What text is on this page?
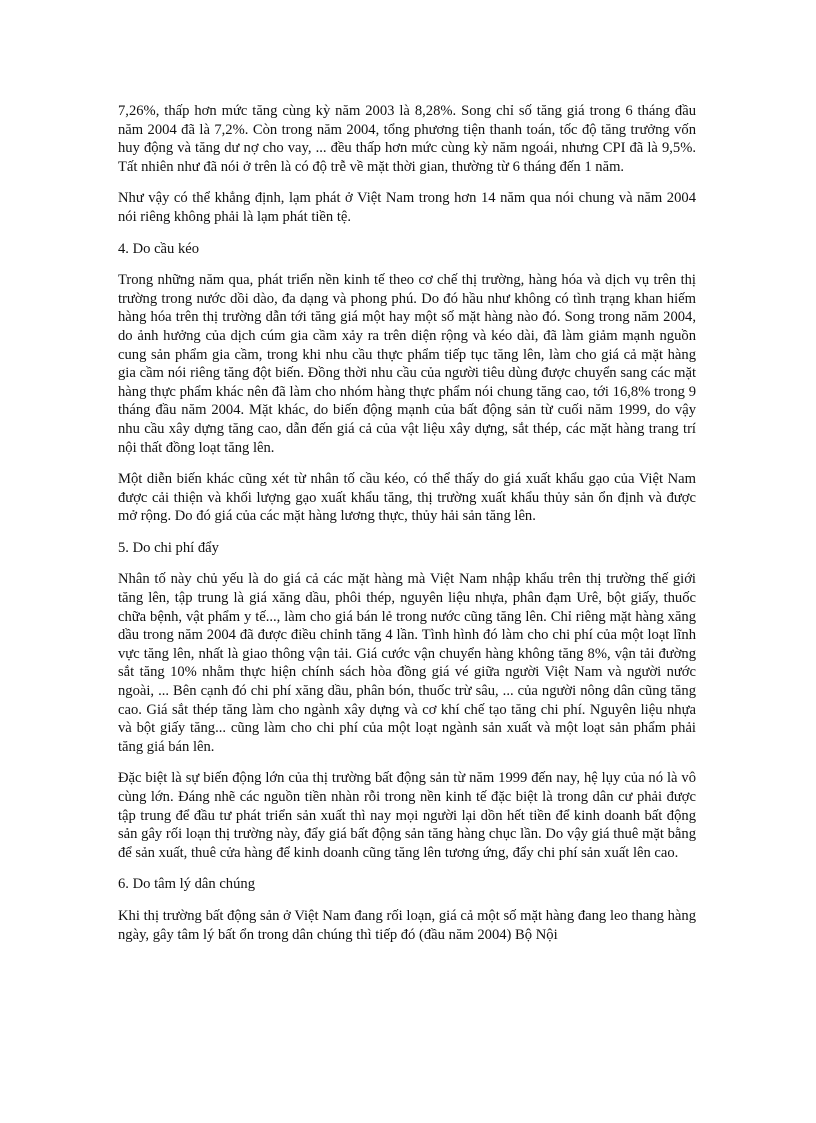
7,26%, thấp hơn mức tăng cùng kỳ năm 2003 là 8,28%. Song chỉ số tăng giá trong 6 tháng đầu năm 2004 đã là 7,2%. Còn trong năm 2004, tổng phương tiện thanh toán, tốc độ tăng trưởng vốn huy động và tăng dư nợ cho vay, ... đều thấp hơn mức cùng kỳ năm ngoái, nhưng CPI đã là 9,5%. Tất nhiên như đã nói ở trên là có độ trễ về mặt thời gian, thường từ 6 tháng đến 1 năm.

Như vậy có thể khẳng định, lạm phát ở Việt Nam trong hơn 14 năm qua nói chung và năm 2004 nói riêng không phải là lạm phát tiền tệ.

4. Do cầu kéo

Trong những năm qua, phát triển nền kinh tế theo cơ chế thị trường, hàng hóa và dịch vụ trên thị trường trong nước dồi dào, đa dạng và phong phú. Do đó hầu như không có tình trạng khan hiếm hàng hóa trên thị trường dẫn tới tăng giá một hay một số mặt hàng nào đó. Song trong năm 2004, do ảnh hưởng của dịch cúm gia cầm xảy ra trên diện rộng và kéo dài, đã làm giảm mạnh nguồn cung sản phẩm gia cầm, trong khi nhu cầu thực phẩm tiếp tục tăng lên, làm cho giá cả mặt hàng gia cầm nói riêng tăng đột biến. Đồng thời nhu cầu của người tiêu dùng được chuyển sang các mặt hàng thực phẩm khác nên đã làm cho nhóm hàng thực phẩm nói chung tăng cao, tới 16,8% trong 9 tháng đầu năm 2004. Mặt khác, do biến động mạnh của bất động sản từ cuối năm 1999, do vậy nhu cầu xây dựng tăng cao, dẫn đến giá cả của vật liệu xây dựng, sắt thép, các mặt hàng trang trí nội thất đồng loạt tăng lên.

Một diễn biến khác cũng xét từ nhân tố cầu kéo, có thể thấy do giá xuất khẩu gạo của Việt Nam được cải thiện và khối lượng gạo xuất khẩu tăng, thị trường xuất khẩu thủy sản ổn định và được mở rộng. Do đó giá của các mặt hàng lương thực, thủy hải sản tăng lên.

5. Do chi phí đẩy

Nhân tố này chủ yếu là do giá cả các mặt hàng mà Việt Nam nhập khẩu trên thị trường thế giới tăng lên, tập trung là giá xăng dầu, phôi thép, nguyên liệu nhựa, phân đạm Urê, bột giấy, thuốc chữa bệnh, vật phẩm y tế..., làm cho giá bán lẻ trong nước cũng tăng lên. Chỉ riêng mặt hàng xăng dầu trong năm 2004 đã được điều chỉnh tăng 4 lần. Tình hình đó làm cho chi phí của một loạt lĩnh vực tăng lên, nhất là giao thông vận tải. Giá cước vận chuyển hàng không tăng 8%, vận tải đường sắt tăng 10% nhằm thực hiện chính sách hòa đồng giá vé giữa người Việt Nam và người nước ngoài, ... Bên cạnh đó chi phí xăng dầu, phân bón, thuốc trừ sâu, ... của người nông dân cũng tăng cao. Giá sắt thép tăng làm cho ngành xây dựng và cơ khí chế tạo tăng chi phí. Nguyên liệu nhựa và bột giấy tăng... cũng làm cho chi phí của một loạt ngành sản xuất và một loạt sản phẩm phải tăng giá bán lên.

Đặc biệt là sự biến động lớn của thị trường bất động sản từ năm 1999 đến nay, hệ lụy của nó là vô cùng lớn. Đáng nhẽ các nguồn tiền nhàn rỗi trong nền kinh tế đặc biệt là trong dân cư phải được tập trung để đầu tư phát triển sản xuất thì nay mọi người lại dồn hết tiền để kinh doanh bất động sản gây rối loạn thị trường này, đẩy giá bất động sản tăng hàng chục lần. Do vậy giá thuê mặt bằng để sản xuất, thuê cửa hàng để kinh doanh cũng tăng lên tương ứng, đẩy chi phí sản xuất lên cao.

6. Do tâm lý dân chúng

Khi thị trường bất động sản ở Việt Nam đang rối loạn, giá cả một số mặt hàng đang leo thang hàng ngày, gây tâm lý bất ổn trong dân chúng thì tiếp đó (đầu năm 2004) Bộ Nội
